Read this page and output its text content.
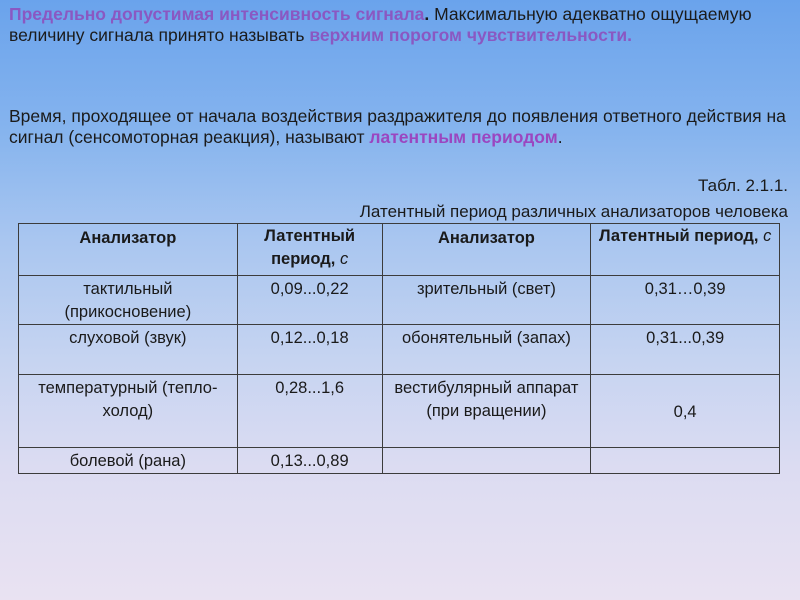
Предельно допустимая интенсивность сигнала. Максимальную адекватно ощущаемую величину сигнала принято называть верхним порогом чувствительности.

Время, проходящее от начала воздействия раздражителя до появления ответного действия на сигнал (сенсомоторная реакция), называют латентным периодом.

Табл. 2.1.1.
Латентный период различных анализаторов человека
Анализатор	Латентный период, с	Анализатор	Латентный период, с
тактильный (прикосновение)	0,09...0,22	зрительный (свет)	0,31…0,39
слуховой (звук)	0,12...0,18	обонятельный (запах)	0,31...0,39
температурный (тепло-холод)	0,28...1,6	вестибулярный аппарат (при вращении)	0,4
болевой (рана)	0,13...0,89		
